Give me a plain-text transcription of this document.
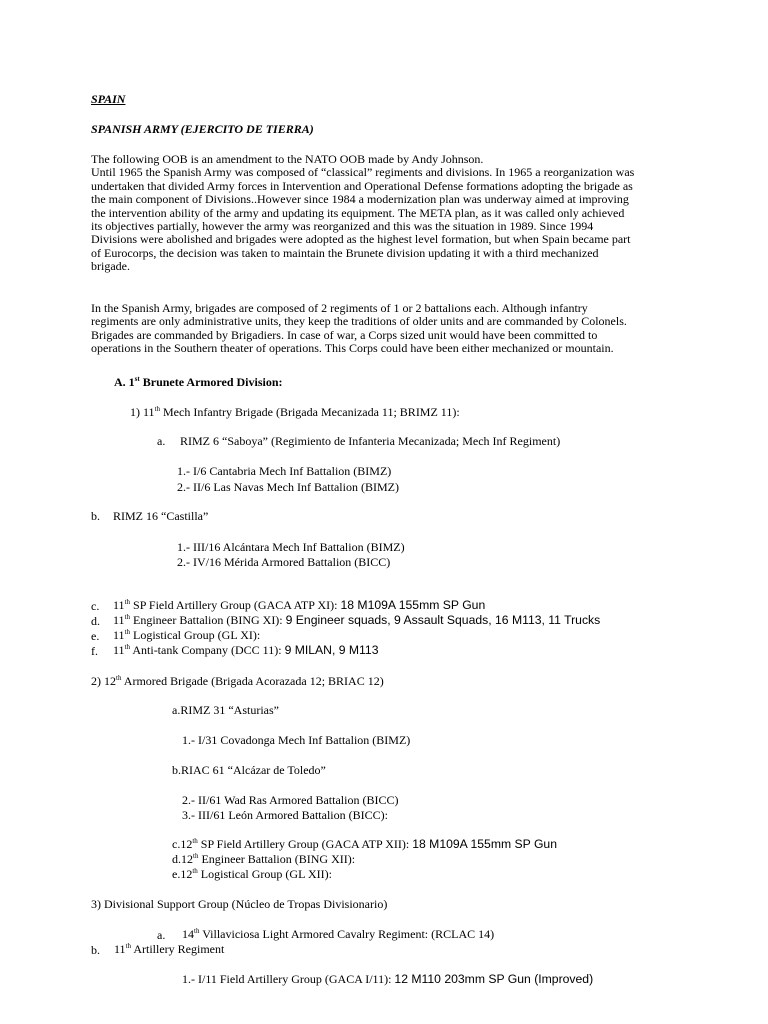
SPAIN
SPANISH ARMY (EJERCITO DE TIERRA)
The following OOB is an amendment to the NATO OOB made by Andy Johnson.
Until 1965 the Spanish Army was composed of “classical” regiments and divisions. In 1965 a reorganization was
undertaken that divided Army forces in Intervention and Operational Defense formations adopting the brigade as
the main component of Divisions..However since 1984 a modernization plan was underway aimed at improving
the intervention ability of the army and updating its equipment. The META plan, as it was called only achieved
its objectives partially, however the army was reorganized and this was the situation in 1989. Since 1994
Divisions were abolished and brigades were adopted as the highest level formation, but when Spain became part
of Eurocorps, the decision was taken to maintain the Brunete division updating it with a third mechanized
brigade.
In the Spanish Army, brigades are composed of 2 regiments of 1 or 2 battalions each. Although infantry
regiments are only administrative units, they keep the traditions of older units and are commanded by Colonels.
Brigades are commanded by Brigadiers. In case of war, a Corps sized unit would have been committed to
operations in the Southern theater of operations. This Corps could have been either mechanized or mountain.
A. 1st Brunete Armored Division:
1) 11th Mech Infantry Brigade (Brigada Mecanizada 11; BRIMZ 11):
a. RIMZ 6 “Saboya” (Regimiento de Infanteria Mecanizada; Mech Inf Regiment)
1.- I/6 Cantabria Mech Inf Battalion (BIMZ)
2.- II/6 Las Navas Mech Inf Battalion (BIMZ)
b. RIMZ 16 “Castilla”
1.- III/16 Alcántara Mech Inf Battalion (BIMZ)
2.- IV/16 Mérida Armored Battalion (BICC)
c. 11th SP Field Artillery Group (GACA ATP XI): 18 M109A 155mm SP Gun
d. 11th Engineer Battalion (BING XI): 9 Engineer squads, 9 Assault Squads, 16 M113, 11 Trucks
e. 11th Logistical Group (GL XI):
f. 11th Anti-tank Company (DCC 11): 9 MILAN, 9 M113
2) 12th Armored Brigade (Brigada Acorazada 12; BRIAC 12)
a.RIMZ 31 “Asturias”
1.- I/31 Covadonga Mech Inf Battalion (BIMZ)
b.RIAC 61 “Alcázar de Toledo”
2.- II/61 Wad Ras Armored Battalion (BICC)
3.- III/61 León Armored Battalion (BICC):
c.12th SP Field Artillery Group (GACA ATP XII): 18 M109A 155mm SP Gun
d.12th Engineer Battalion (BING XII):
e.12th Logistical Group (GL XII):
3) Divisional Support Group (Núcleo de Tropas Divisionario)
a. 14th Villaviciosa Light Armored Cavalry Regiment: (RCLAC 14)
b. 11th Artillery Regiment
1.- I/11 Field Artillery Group (GACA I/11): 12 M110 203mm SP Gun (Improved)
